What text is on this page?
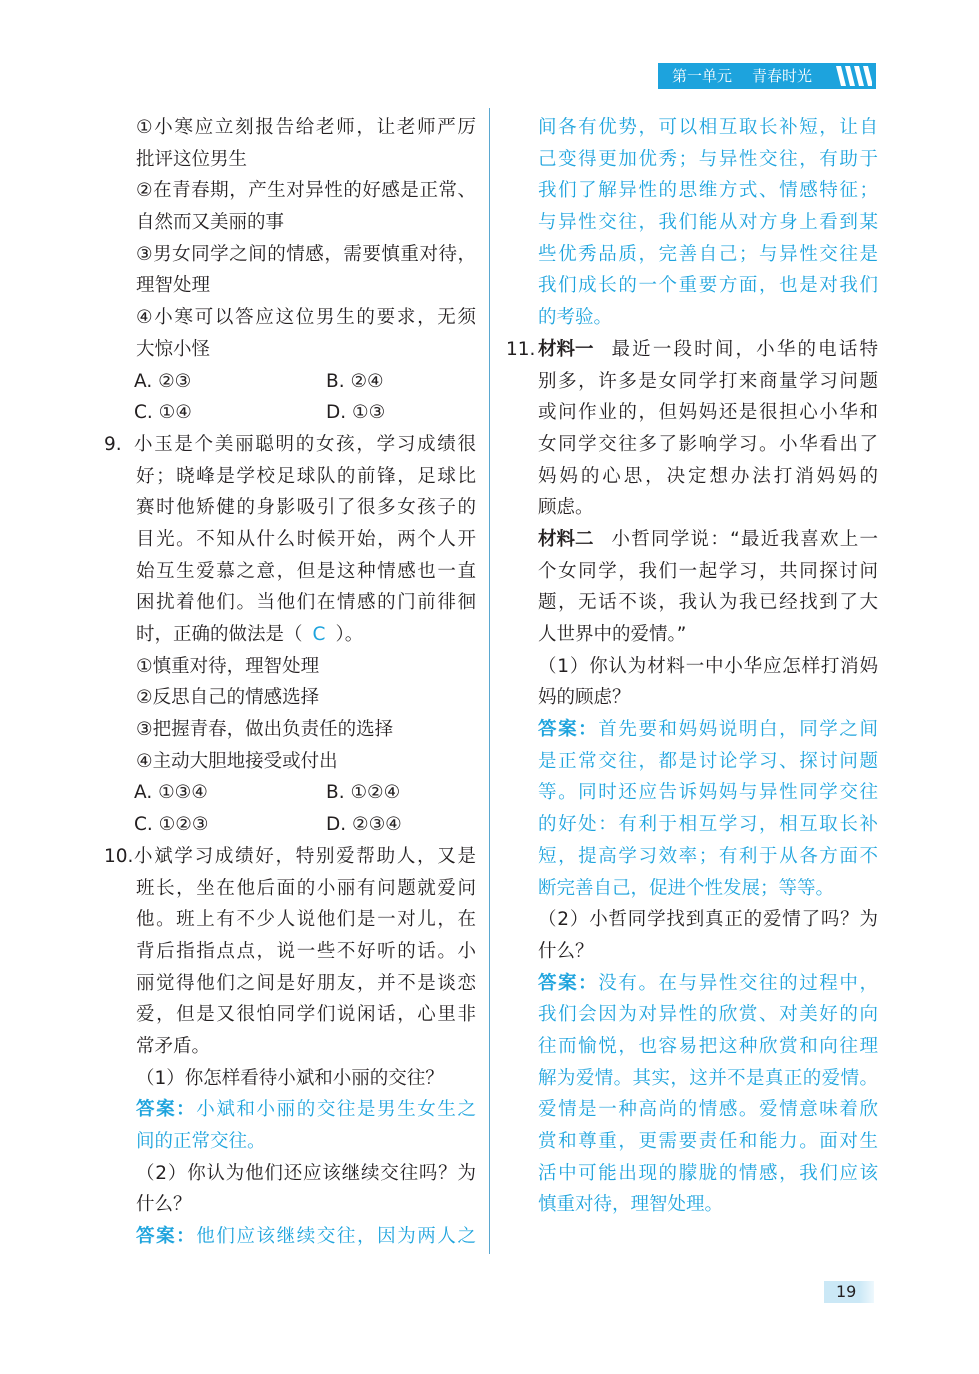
第一单元 青春时光
①小寒应立刻报告给老师，让老师严厉
批评这位男生
②在青春期，产生对异性的好感是正常、
自然而又美丽的事
③男女同学之间的情感，需要慎重对待，
理智处理
④小寒可以答应这位男生的要求，无须
大惊小怪
A. ②③	B. ②④
C. ①④	D. ①③
9. 小玉是个美丽聪明的女孩，学习成绩很
好；晓峰是学校足球队的前锋，足球比
赛时他矫健的身影吸引了很多女孩子的
目光。不知从什么时候开始，两个人开
始互生爱慕之意，但是这种情感也一直
困扰着他们。当他们在情感的门前徘徊
时，正确的做法是（ C ）。
①慎重对待，理智处理
②反思自己的情感选择
③把握青春，做出负责任的选择
④主动大胆地接受或付出
A. ①③④	B. ①②④
C. ①②③	D. ②③④
10. 小斌学习成绩好，特别爱帮助人，又是
班长，坐在他后面的小丽有问题就爱问
他。班上有不少人说他们是一对儿，在
背后指指点点，说一些不好听的话。小
丽觉得他们之间是好朋友，并不是谈恋
爱，但是又很怕同学们说闲话，心里非
常矛盾。
（1）你怎样看待小斌和小丽的交往？
答案：小斌和小丽的交往是男生女生之
间的正常交往。
（2）你认为他们还应该继续交往吗？为
什么？
答案：他们应该继续交往，因为两人之
间各有优势，可以相互取长补短，让自
己变得更加优秀；与异性交往，有助于
我们了解异性的思维方式、情感特征；
与异性交往，我们能从对方身上看到某
些优秀品质，完善自己；与异性交往是
我们成长的一个重要方面，也是对我们
的考验。
11. 材料一 最近一段时间，小华的电话特
别多，许多是女同学打来商量学习问题
或问作业的，但妈妈还是很担心小华和
女同学交往多了影响学习。小华看出了
妈妈的心思，决定想办法打消妈妈的
顾虑。
材料二 小哲同学说：“最近我喜欢上一
个女同学，我们一起学习，共同探讨问
题，无话不谈，我认为我已经找到了大
人世界中的爱情。”
（1）你认为材料一中小华应怎样打消妈
妈的顾虑？
答案：首先要和妈妈说明白，同学之间
是正常交往，都是讨论学习、探讨问题
等。同时还应告诉妈妈与异性同学交往
的好处：有利于相互学习，相互取长补
短，提高学习效率；有利于从各方面不
断完善自己，促进个性发展；等等。
（2）小哲同学找到真正的爱情了吗？为
什么？
答案：没有。在与异性交往的过程中，
我们会因为对异性的欣赏、对美好的向
往而愉悦，也容易把这种欣赏和向往理
解为爱情。其实，这并不是真正的爱情。
爱情是一种高尚的情感。爱情意味着欣
赏和尊重，更需要责任和能力。面对生
活中可能出现的朦胧的情感，我们应该
慎重对待，理智处理。
19
